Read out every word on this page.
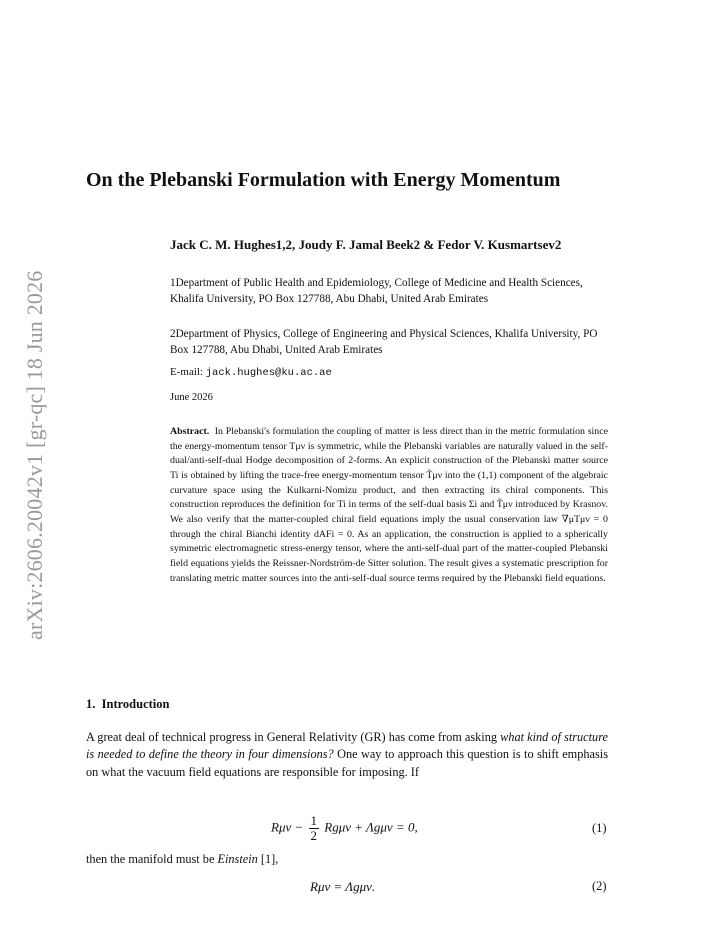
arXiv:2606.20042v1 [gr-qc] 18 Jun 2026
On the Plebanski Formulation with Energy Momentum
Jack C. M. Hughes1,2, Joudy F. Jamal Beek2 & Fedor V. Kusmartsev2
1Department of Public Health and Epidemiology, College of Medicine and Health Sciences, Khalifa University, PO Box 127788, Abu Dhabi, United Arab Emirates
2Department of Physics, College of Engineering and Physical Sciences, Khalifa University, PO Box 127788, Abu Dhabi, United Arab Emirates
E-mail: jack.hughes@ku.ac.ae
June 2026
Abstract. In Plebanski's formulation the coupling of matter is less direct than in the metric formulation since the energy-momentum tensor Tμν is symmetric, while the Plebanski variables are naturally valued in the self-dual/anti-self-dual Hodge decomposition of 2-forms. An explicit construction of the Plebanski matter source Ti is obtained by lifting the trace-free energy-momentum tensor T̃μν into the (1,1) component of the algebraic curvature space using the Kulkarni-Nomizu product, and then extracting its chiral components. This construction reproduces the definition for Ti in terms of the self-dual basis Σi and T̃μν introduced by Krasnov. We also verify that the matter-coupled chiral field equations imply the usual conservation law ∇μTμν = 0 through the chiral Bianchi identity dAFi = 0. As an application, the construction is applied to a spherically symmetric electromagnetic stress-energy tensor, where the anti-self-dual part of the matter-coupled Plebanski field equations yields the Reissner-Nordström-de Sitter solution. The result gives a systematic prescription for translating metric matter sources into the anti-self-dual source terms required by the Plebanski field equations.
1. Introduction
A great deal of technical progress in General Relativity (GR) has come from asking what kind of structure is needed to define the theory in four dimensions? One way to approach this question is to shift emphasis on what the vacuum field equations are responsible for imposing. If
$R\mu\nu - \frac{1}{2}$ Rgμν + Λgμν = 0,	(1)
then the manifold must be Einstein [1],
Rμν = Λgμν.	(2)
